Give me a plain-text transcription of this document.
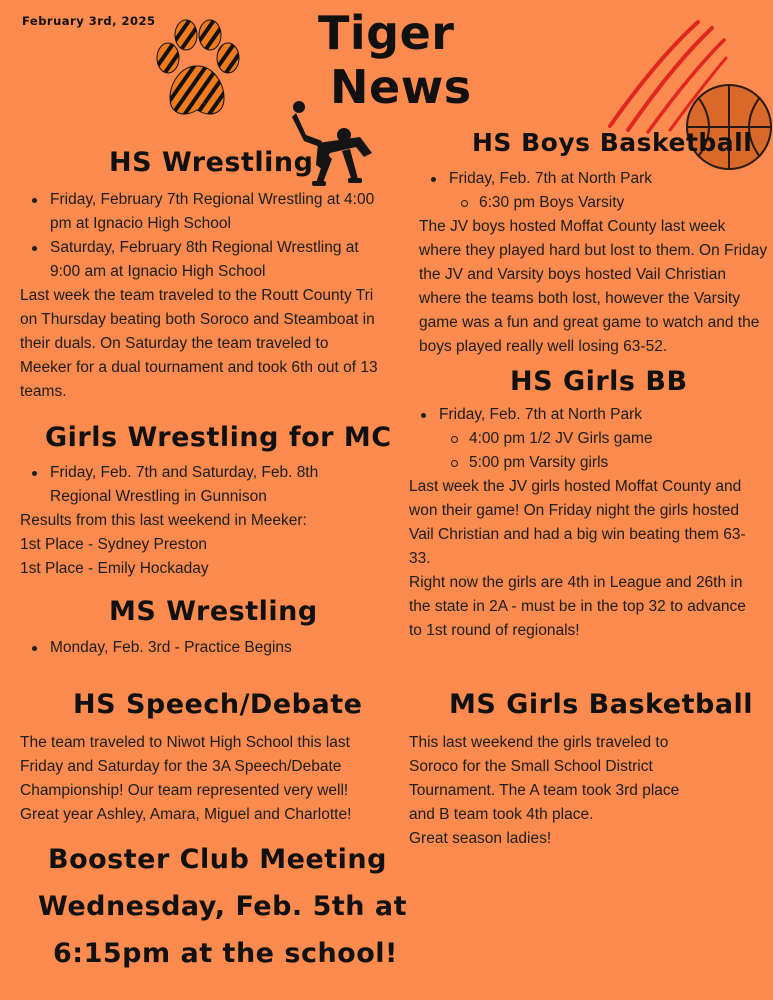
February 3rd, 2025	Tiger
News
HS Wrestling
Friday, February 7th Regional Wrestling at 4:00 pm at Ignacio High School
Saturday, February 8th Regional Wrestling at 9:00 am at Ignacio High School

Last week the team traveled to the Routt County Tri on Thursday beating both Soroco and Steamboat in their duals. On Saturday the team traveled to Meeker for a dual tournament and took 6th out of 13 teams.

Girls Wrestling for MC
Friday, Feb. 7th and Saturday, Feb. 8th Regional Wrestling in Gunnison

Results from this last weekend in Meeker:

1st Place - Sydney Preston

1st Place - Emily Hockaday

MS Wrestling
Monday, Feb. 3rd - Practice Begins
HS Speech/Debate
The team traveled to Niwot High School this last Friday and Saturday for the 3A Speech/Debate Championship! Our team represented very well! Great year Ashley, Amara, Miguel and Charlotte!
Booster Club Meeting
Wednesday, Feb. 5th at
6:15pm at the school!
HS Boys Basketball
Friday, Feb. 7th at North Park
6:30 pm Boys Varsity

The JV boys hosted Moffat County last week where they played hard but lost to them. On Friday the JV and Varsity boys hosted Vail Christian where the teams both lost, however the Varsity game was a fun and great game to watch and the boys played really well losing 63-52.

HS Girls BB
Friday, Feb. 7th at North Park
4:00 pm 1/2 JV Girls game
5:00 pm Varsity girls

Last week the JV girls hosted Moffat County and won their game! On Friday night the girls hosted Vail Christian and had a big win beating them 63-33.

Right now the girls are 4th in League and 26th in the state in 2A - must be in the top 32 to advance to 1st round of regionals!

MS Girls Basketball

This last weekend the girls traveled to

Soroco for the Small School District

Tournament. The A team took 3rd place

and B team took 4th place.

Great season ladies!
